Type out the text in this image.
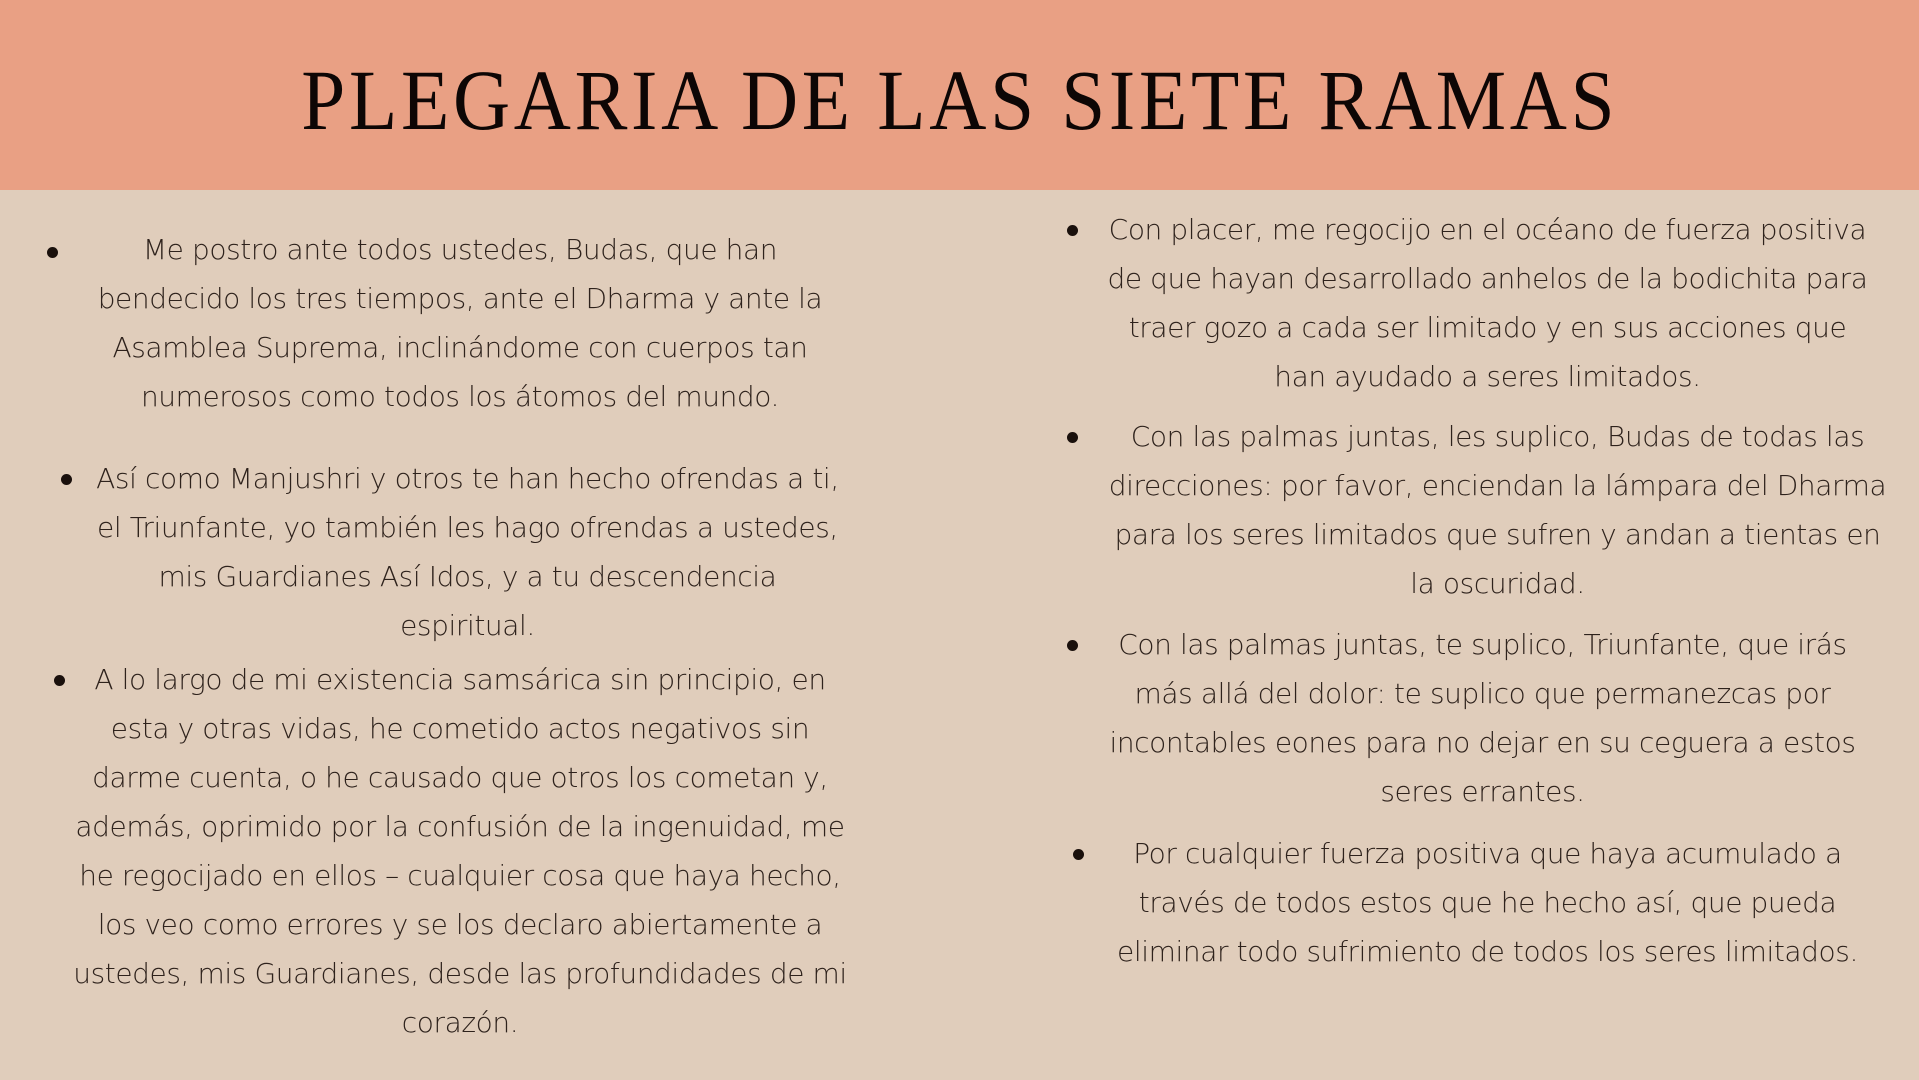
PLEGARIA DE LAS SIETE RAMAS
Me postro ante todos ustedes, Budas, que han bendecido los tres tiempos, ante el Dharma y ante la Asamblea Suprema, inclinándome con cuerpos tan numerosos como todos los átomos del mundo.
Así como Manjushri y otros te han hecho ofrendas a ti, el Triunfante, yo también les hago ofrendas a ustedes, mis Guardianes Así Idos, y a tu descendencia espiritual.
A lo largo de mi existencia samsárica sin principio, en esta y otras vidas, he cometido actos negativos sin darme cuenta, o he causado que otros los cometan y, además, oprimido por la confusión de la ingenuidad, me he regocijado en ellos – cualquier cosa que haya hecho, los veo como errores y se los declaro abiertamente a ustedes, mis Guardianes, desde las profundidades de mi corazón.
Con placer, me regocijo en el océano de fuerza positiva de que hayan desarrollado anhelos de la bodichita para traer gozo a cada ser limitado y en sus acciones que han ayudado a seres limitados.
Con las palmas juntas, les suplico, Budas de todas las direcciones: por favor, enciendan la lámpara del Dharma para los seres limitados que sufren y andan a tientas en la oscuridad.
Con las palmas juntas, te suplico, Triunfante, que irás más allá del dolor: te suplico que permanezcas por incontables eones para no dejar en su ceguera a estos seres errantes.
Por cualquier fuerza positiva que haya acumulado a través de todos estos que he hecho así, que pueda eliminar todo sufrimiento de todos los seres limitados.
